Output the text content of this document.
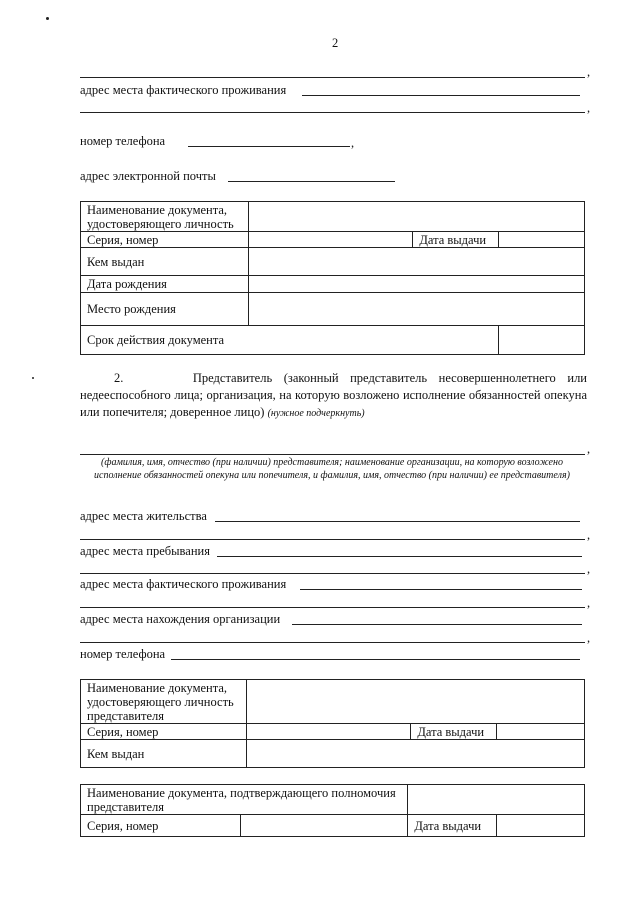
2
,
адрес места фактического проживания
,
номер телефона	,
адрес электронной почты
Наименование документа, удостоверяющего личность			
Серия, номер		Дата выдачи	
Кем выдан			
Дата рождения			
Место рождения			
Срок действия документа			
2.	Представитель (законный представитель несовершеннолетнего или недееспособного лица; организация, на которую возложено исполнение обязанностей опекуна или попечителя; доверенное лицо) (нужное подчеркнуть)
,
(фамилия, имя, отчество (при наличии) представителя; наименование организации, на которую возложено исполнение обязанностей опекуна или попечителя, и фамилия, имя, отчество (при наличии) ее представителя)
адрес места жительства
,
адрес места пребывания
,
адрес места фактического проживания
,
адрес места нахождения организации
,
номер телефона
Наименование документа, удостоверяющего личность представителя			
Серия, номер		Дата выдачи	
Кем выдан			
Наименование документа, подтверждающего полномочия представителя			
Серия, номер		Дата выдачи	
